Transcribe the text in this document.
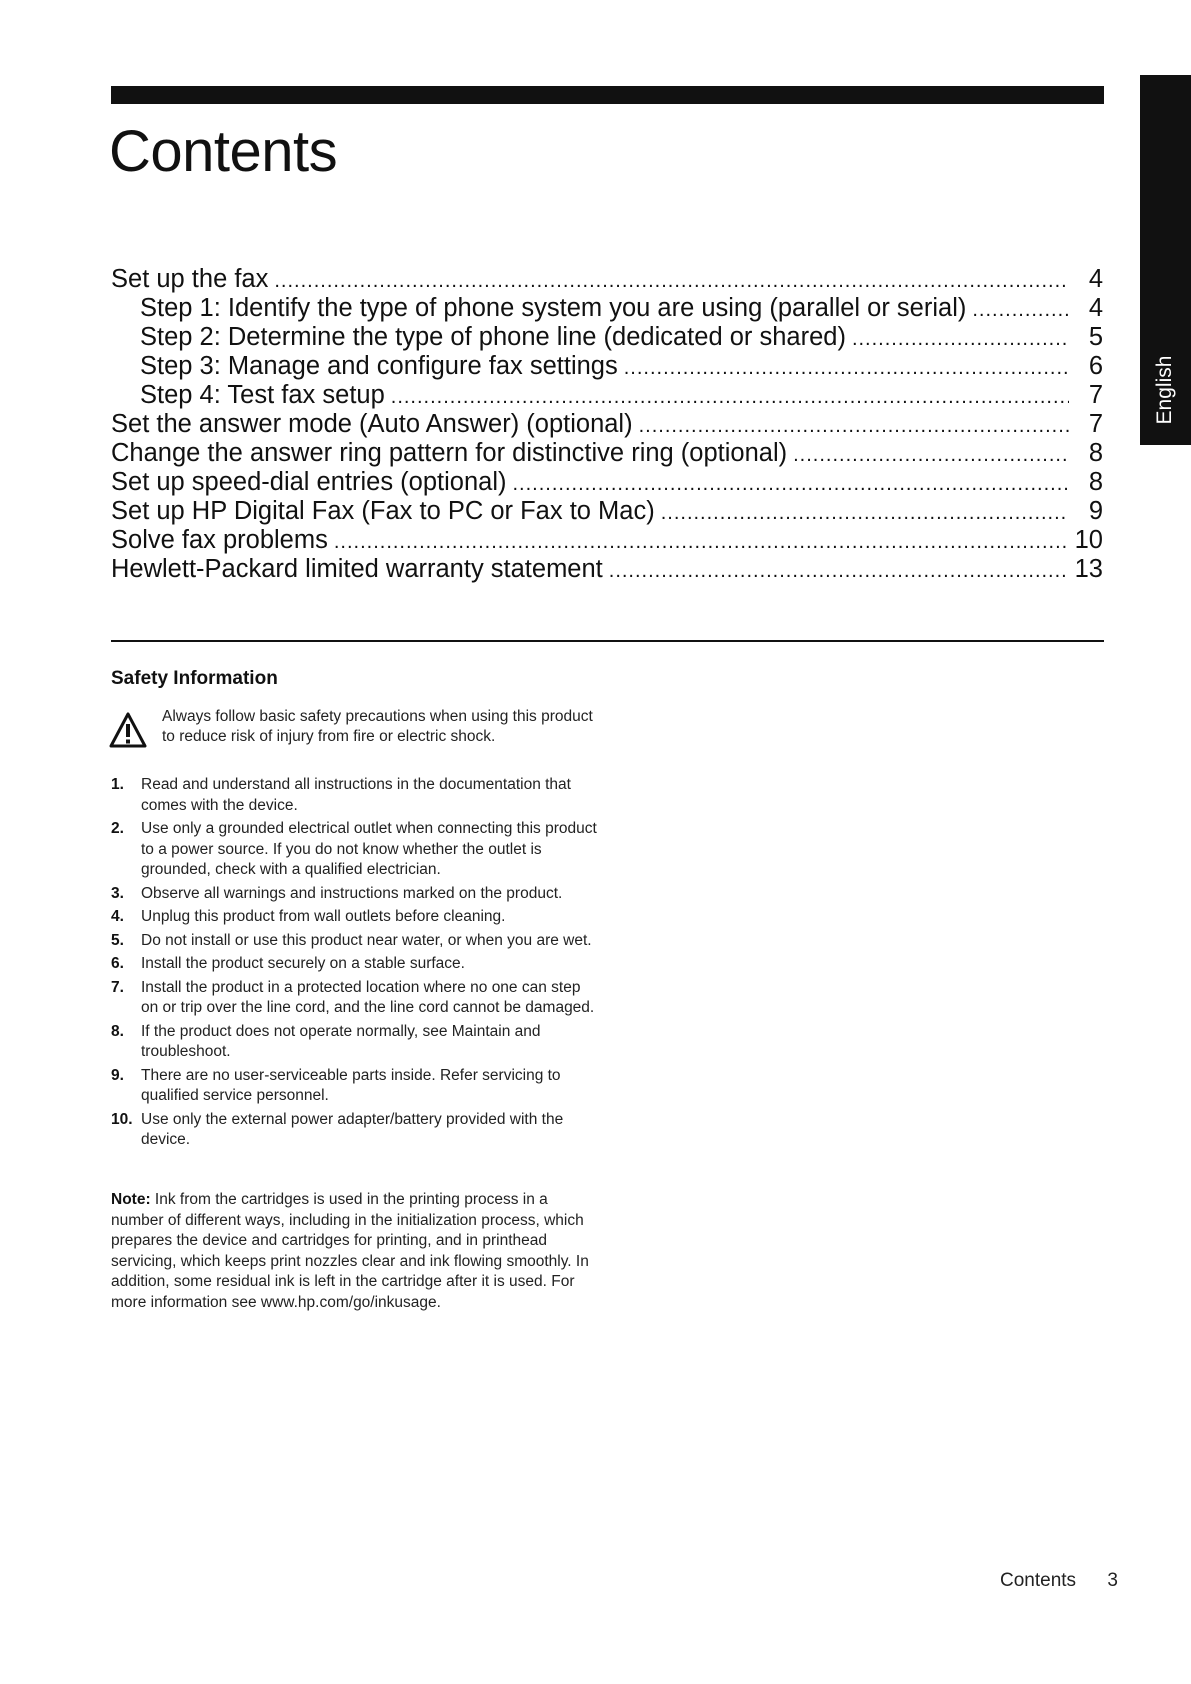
English
Contents
Set up the fax .....	4
Step 1: Identify the type of phone system you are using (parallel or serial) .....	4
Step 2: Determine the type of phone line (dedicated or shared) .....	5
Step 3: Manage and configure fax settings .....	6
Step 4: Test fax setup .....	7
Set the answer mode (Auto Answer) (optional) .....	7
Change the answer ring pattern for distinctive ring (optional) .....	8
Set up speed-dial entries (optional) .....	8
Set up HP Digital Fax (Fax to PC or Fax to Mac) .....	9
Solve fax problems .....	10
Hewlett-Packard limited warranty statement .....	13
Safety Information
Always follow basic safety precautions when using this product to reduce risk of injury from fire or electric shock.
1. Read and understand all instructions in the documentation that comes with the device.
2. Use only a grounded electrical outlet when connecting this product to a power source. If you do not know whether the outlet is grounded, check with a qualified electrician.
3. Observe all warnings and instructions marked on the product.
4. Unplug this product from wall outlets before cleaning.
5. Do not install or use this product near water, or when you are wet.
6. Install the product securely on a stable surface.
7. Install the product in a protected location where no one can step on or trip over the line cord, and the line cord cannot be damaged.
8. If the product does not operate normally, see Maintain and troubleshoot.
9. There are no user-serviceable parts inside. Refer servicing to qualified service personnel.
10. Use only the external power adapter/battery provided with the device.

Note: Ink from the cartridges is used in the printing process in a number of different ways, including in the initialization process, which prepares the device and cartridges for printing, and in printhead servicing, which keeps print nozzles clear and ink flowing smoothly. In addition, some residual ink is left in the cartridge after it is used. For more information see www.hp.com/go/inkusage.

Contents 3
